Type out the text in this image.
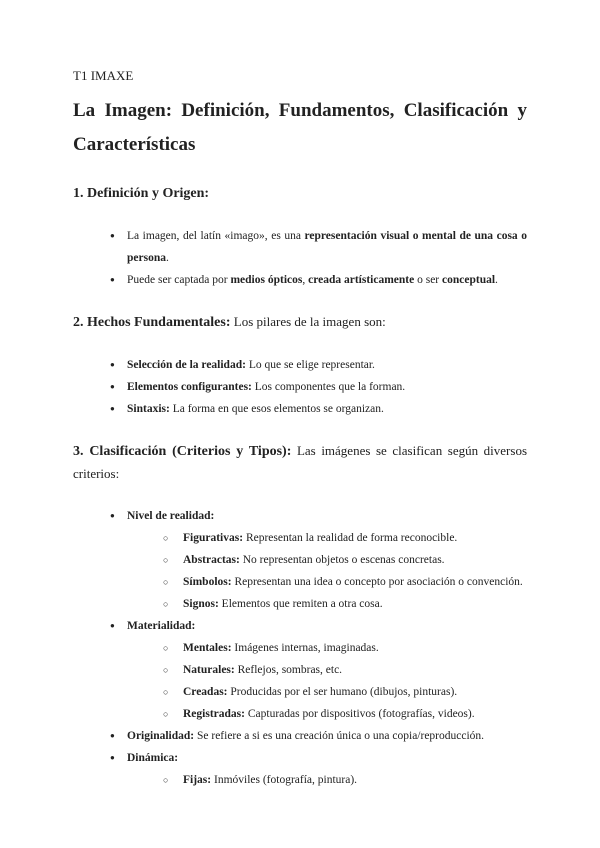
T1 IMAXE

La Imagen: Definición, Fundamentos, Clasificación y Características

1. Definición y Origen:

● La imagen, del latín «imago», es una representación visual o mental de una cosa o persona.
● Puede ser captada por medios ópticos, creada artísticamente o ser conceptual.

2. Hechos Fundamentales: Los pilares de la imagen son:

● Selección de la realidad: Lo que se elige representar.
● Elementos configurantes: Los componentes que la forman.
● Sintaxis: La forma en que esos elementos se organizan.

3. Clasificación (Criterios y Tipos): Las imágenes se clasifican según diversos criterios:

● Nivel de realidad:
○ Figurativas: Representan la realidad de forma reconocible.
○ Abstractas: No representan objetos o escenas concretas.
○ Símbolos: Representan una idea o concepto por asociación o convención.
○ Signos: Elementos que remiten a otra cosa.
● Materialidad:
○ Mentales: Imágenes internas, imaginadas.
○ Naturales: Reflejos, sombras, etc.
○ Creadas: Producidas por el ser humano (dibujos, pinturas).
○ Registradas: Capturadas por dispositivos (fotografías, videos).
● Originalidad: Se refiere a si es una creación única o una copia/reproducción.
● Dinámica:
○ Fijas: Inmóviles (fotografía, pintura).
